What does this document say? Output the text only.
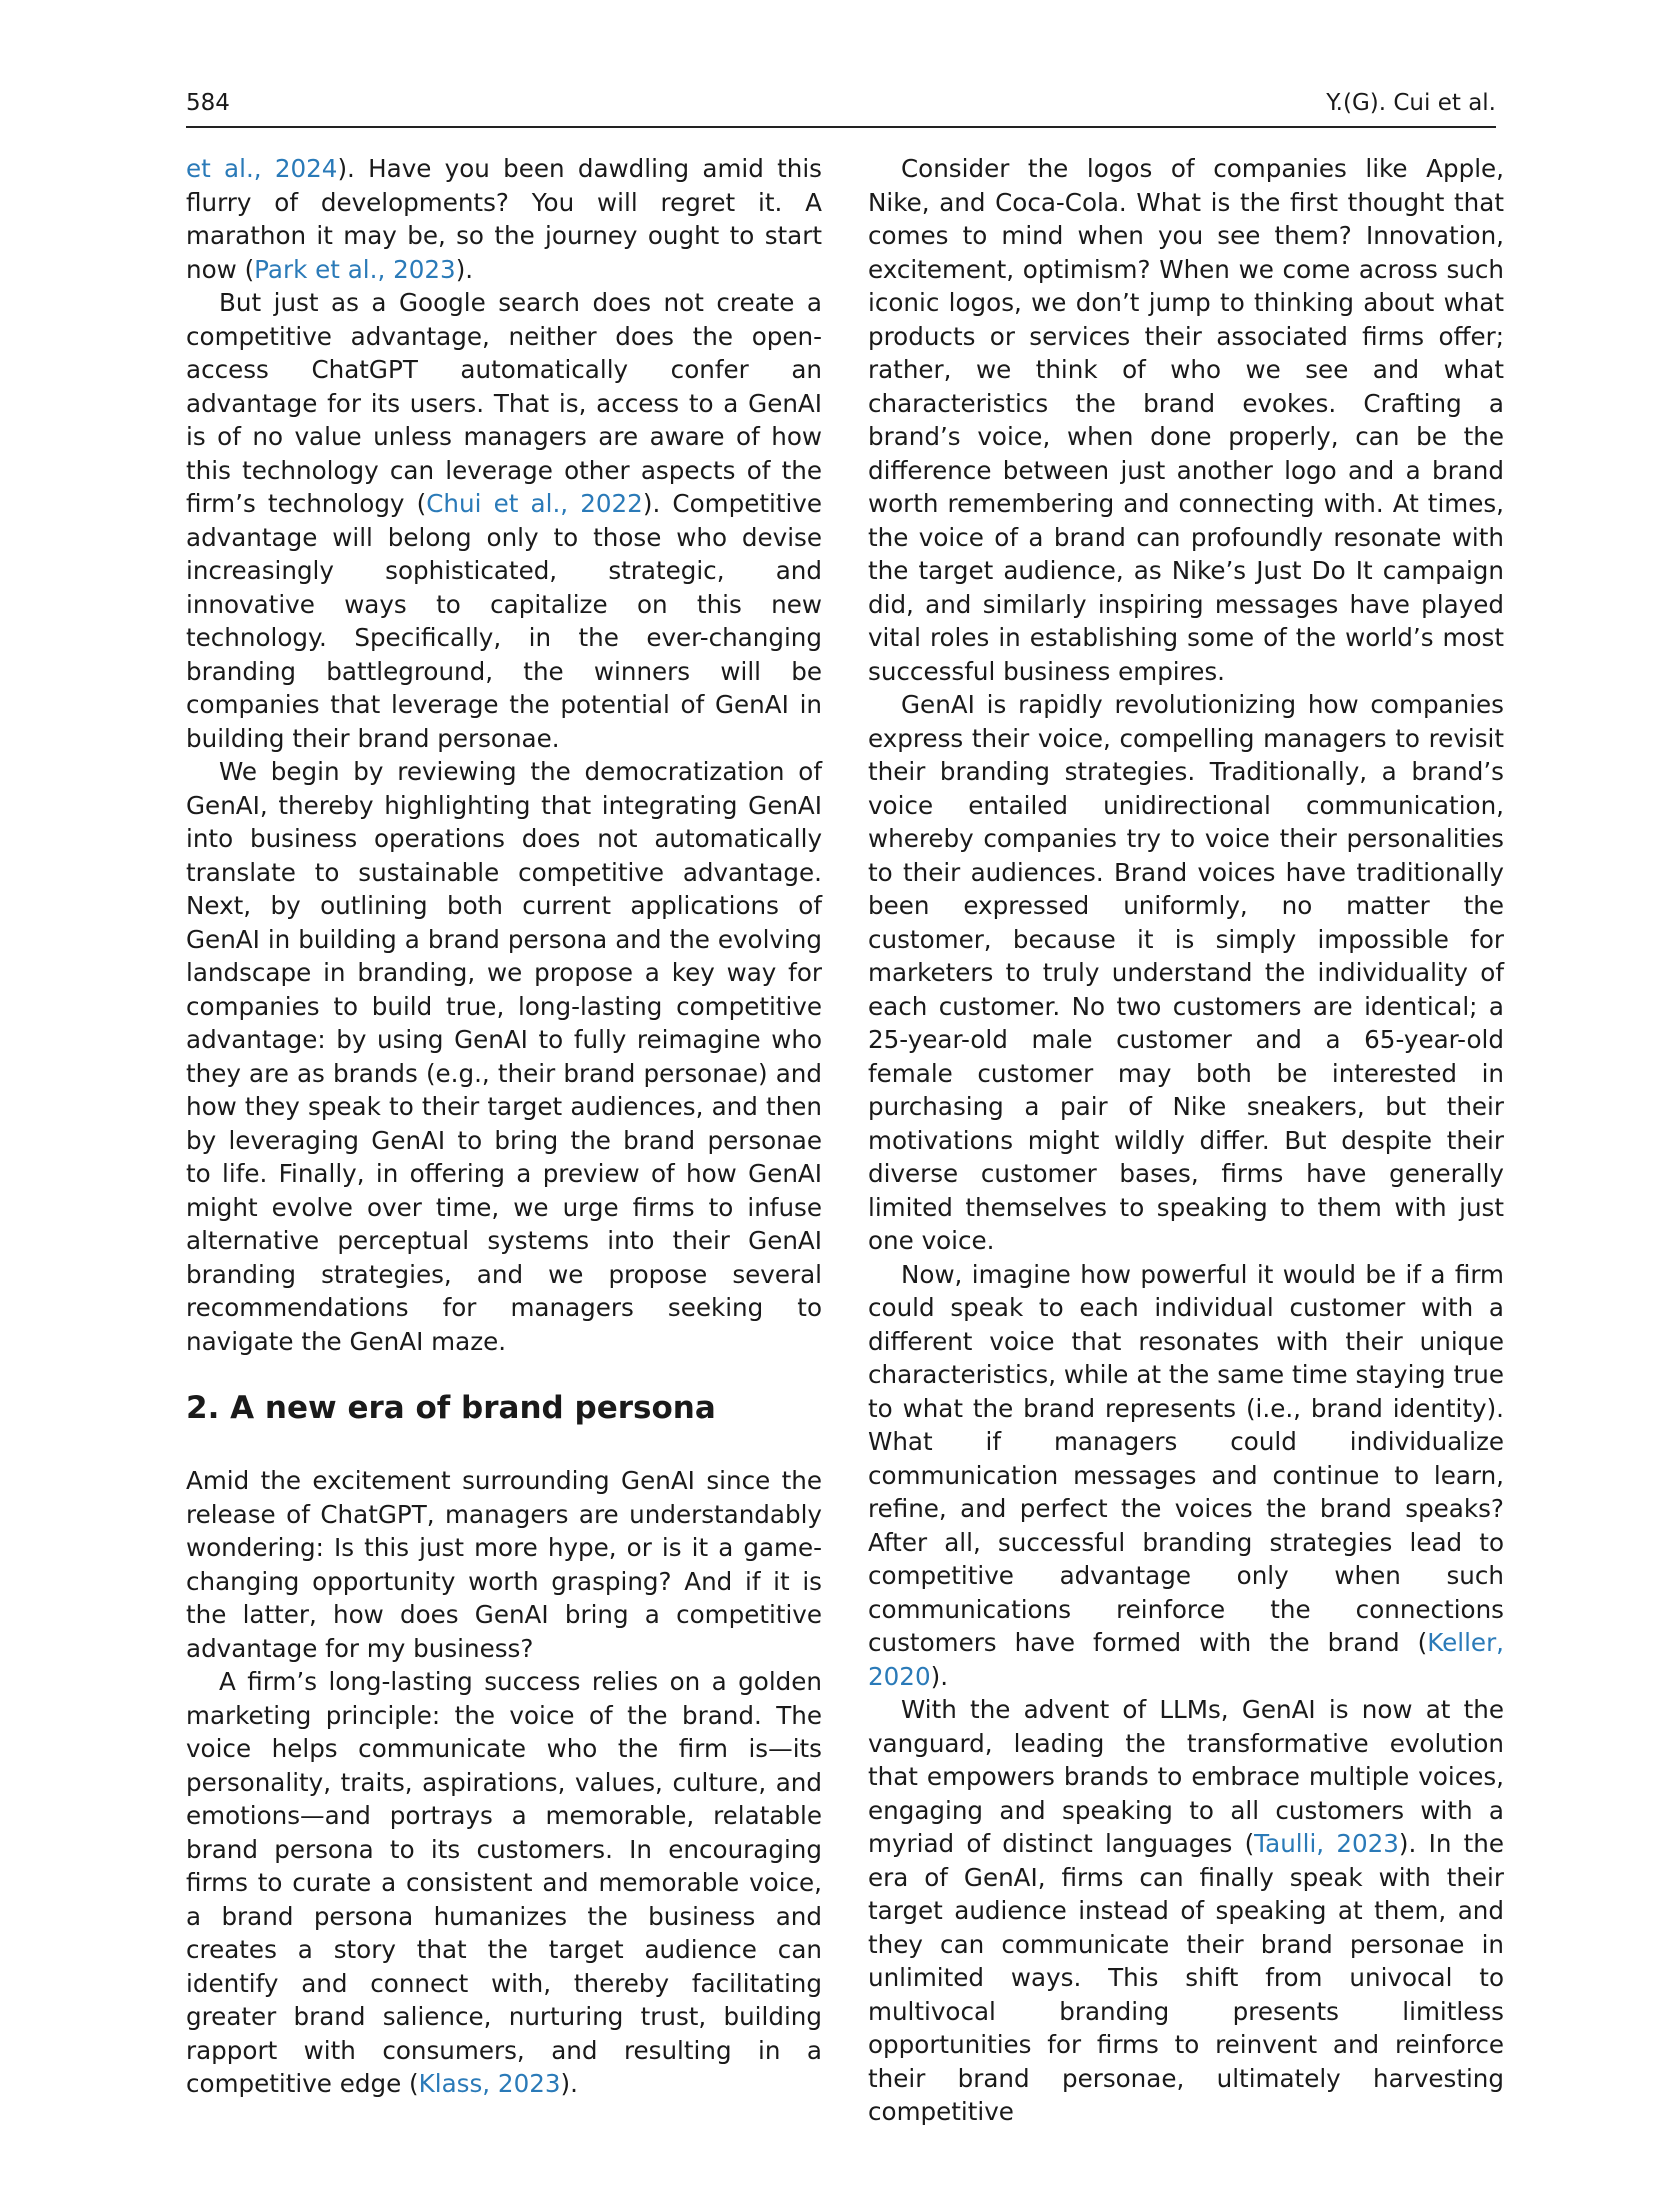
584	Y.(G). Cui et al.

et al., 2024). Have you been dawdling amid this flurry of developments? You will regret it. A marathon it may be, so the journey ought to start now (Park et al., 2023).

But just as a Google search does not create a competitive advantage, neither does the open-access ChatGPT automatically confer an advantage for its users. That is, access to a GenAI is of no value unless managers are aware of how this technology can leverage other aspects of the firm’s technology (Chui et al., 2022). Competitive advantage will belong only to those who devise increasingly sophisticated, strategic, and innovative ways to capitalize on this new technology. Specifically, in the ever-changing branding battleground, the winners will be companies that leverage the potential of GenAI in building their brand personae.

We begin by reviewing the democratization of GenAI, thereby highlighting that integrating GenAI into business operations does not automatically translate to sustainable competitive advantage. Next, by outlining both current applications of GenAI in building a brand persona and the evolving landscape in branding, we propose a key way for companies to build true, long-lasting competitive advantage: by using GenAI to fully reimagine who they are as brands (e.g., their brand personae) and how they speak to their target audiences, and then by leveraging GenAI to bring the brand personae to life. Finally, in offering a preview of how GenAI might evolve over time, we urge firms to infuse alternative perceptual systems into their GenAI branding strategies, and we propose several recommendations for managers seeking to navigate the GenAI maze.

2. A new era of brand persona

Amid the excitement surrounding GenAI since the release of ChatGPT, managers are understandably wondering: Is this just more hype, or is it a game-changing opportunity worth grasping? And if it is the latter, how does GenAI bring a competitive advantage for my business?

A firm’s long-lasting success relies on a golden marketing principle: the voice of the brand. The voice helps communicate who the firm is—its personality, traits, aspirations, values, culture, and emotions—and portrays a memorable, relatable brand persona to its customers. In encouraging firms to curate a consistent and memorable voice, a brand persona humanizes the business and creates a story that the target audience can identify and connect with, thereby facilitating greater brand salience, nurturing trust, building rapport with consumers, and resulting in a competitive edge (Klass, 2023).

Consider the logos of companies like Apple, Nike, and Coca-Cola. What is the first thought that comes to mind when you see them? Innovation, excitement, optimism? When we come across such iconic logos, we don’t jump to thinking about what products or services their associated firms offer; rather, we think of who we see and what characteristics the brand evokes. Crafting a brand’s voice, when done properly, can be the difference between just another logo and a brand worth remembering and connecting with. At times, the voice of a brand can profoundly resonate with the target audience, as Nike’s Just Do It campaign did, and similarly inspiring messages have played vital roles in establishing some of the world’s most successful business empires.

GenAI is rapidly revolutionizing how companies express their voice, compelling managers to revisit their branding strategies. Traditionally, a brand’s voice entailed unidirectional communication, whereby companies try to voice their personalities to their audiences. Brand voices have traditionally been expressed uniformly, no matter the customer, because it is simply impossible for marketers to truly understand the individuality of each customer. No two customers are identical; a 25-year-old male customer and a 65-year-old female customer may both be interested in purchasing a pair of Nike sneakers, but their motivations might wildly differ. But despite their diverse customer bases, firms have generally limited themselves to speaking to them with just one voice.

Now, imagine how powerful it would be if a firm could speak to each individual customer with a different voice that resonates with their unique characteristics, while at the same time staying true to what the brand represents (i.e., brand identity). What if managers could individualize communication messages and continue to learn, refine, and perfect the voices the brand speaks? After all, successful branding strategies lead to competitive advantage only when such communications reinforce the connections customers have formed with the brand (Keller, 2020).

With the advent of LLMs, GenAI is now at the vanguard, leading the transformative evolution that empowers brands to embrace multiple voices, engaging and speaking to all customers with a myriad of distinct languages (Taulli, 2023). In the era of GenAI, firms can finally speak with their target audience instead of speaking at them, and they can communicate their brand personae in unlimited ways. This shift from univocal to multivocal branding presents limitless opportunities for firms to reinvent and reinforce their brand personae, ultimately harvesting competitive
